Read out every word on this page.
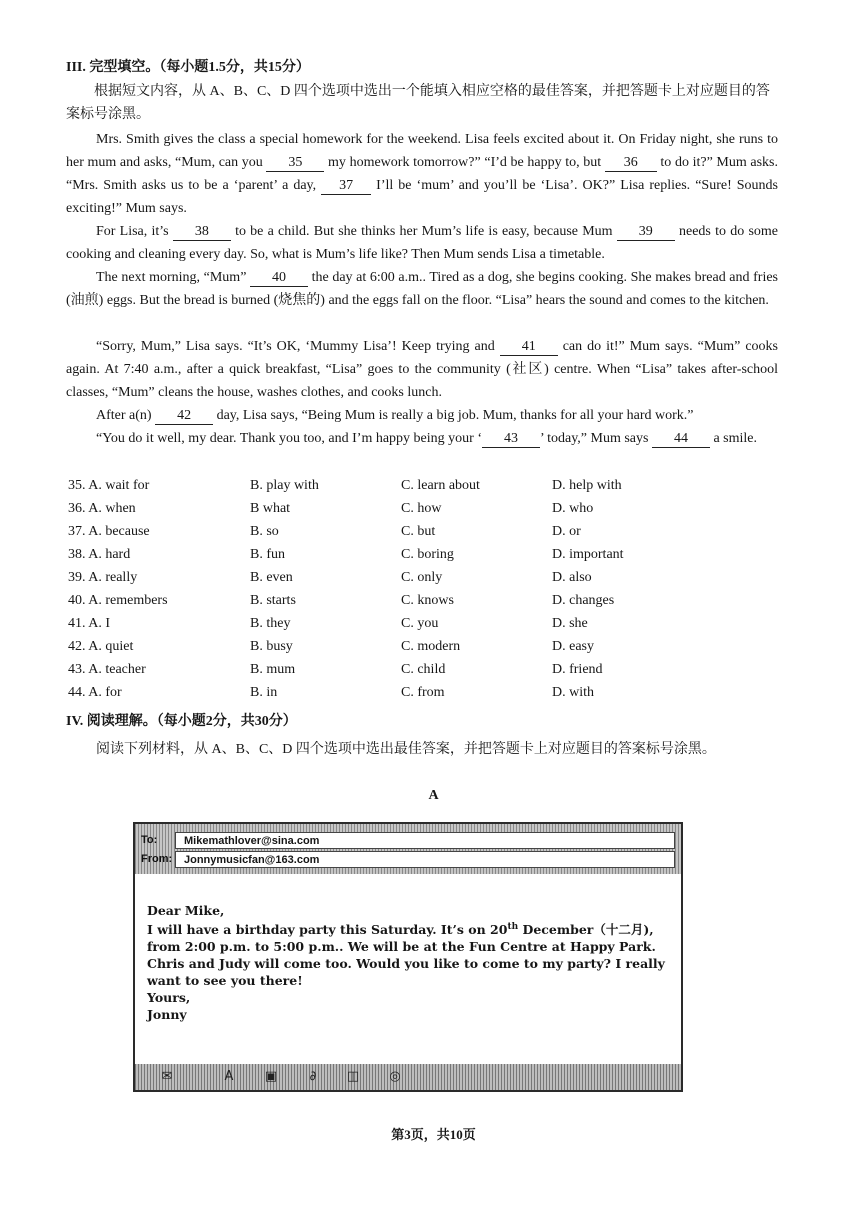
III. 完型填空。（每小题1.5分，共15分）
根据短文内容，从 A、B、C、D 四个选项中选出一个能填入相应空格的最佳答案，并把答题卡上对应题目的答案标号涂黑。
Mrs. Smith gives the class a special homework for the weekend. Lisa feels excited about it. On Friday night, she runs to her mum and asks, “Mum, can you 35 my homework tomorrow?” “I’d be happy to, but 36 to do it?” Mum asks. “Mrs. Smith asks us to be a ‘parent’ a day, 37 I’ll be ‘mum’ and you’ll be ‘Lisa’. OK?” Lisa replies. “Sure! Sounds exciting!” Mum says.
For Lisa, it’s 38 to be a child. But she thinks her Mum’s life is easy, because Mum 39 needs to do some cooking and cleaning every day. So, what is Mum’s life like? Then Mum sends Lisa a timetable.
The next morning, “Mum” 40 the day at 6:00 a.m.. Tired as a dog, she begins cooking. She makes bread and fries (油煎) eggs. But the bread is burned (烧焦的) and the eggs fall on the floor. “Lisa” hears the sound and comes to the kitchen.
“Sorry, Mum,” Lisa says. “It’s OK, ‘Mummy Lisa’! Keep trying and 41 can do it!” Mum says. “Mum” cooks again. At 7:40 a.m., after a quick breakfast, “Lisa” goes to the community (社区) centre. When “Lisa” takes after-school classes, “Mum” cleans the house, washes clothes, and cooks lunch.
After a(n) 42 day, Lisa says, “Being Mum is really a big job. Mum, thanks for all your hard work.”
“You do it well, my dear. Thank you too, and I’m happy being your ‘ 43 ’ today,” Mum says 44 a smile.
35. A. wait for	B. play with	C. learn about	D. help with
36. A. when	B what	C. how	D. who
37. A. because	B. so	C. but	D. or
38. A. hard	B. fun	C. boring	D. important
39. A. really	B. even	C. only	D. also
40. A. remembers	B. starts	C. knows	D. changes
41. A. I	B. they	C. you	D. she
42. A. quiet	B. busy	C. modern	D. easy
43. A. teacher	B. mum	C. child	D. friend
44. A. for	B. in	C. from	D. with
IV. 阅读理解。（每小题2分，共30分）
阅读下列材料，从 A、B、C、D 四个选项中选出最佳答案，并把答题卡上对应题目的答案标号涂黑。
A
To:	Mikemathlover@sina.com
From:	Jonnymusicfan@163.com
Dear Mike,
I will have a birthday party this Saturday. It’s on 20th December（十二月),
from 2:00 p.m. to 5:00 p.m.. We will be at the Fun Centre at Happy Park.
Chris and Judy will come too. Would you like to come to my party? I really
want to see you there!
Yours,
Jonny
✉	A	▣	∂	◫	◎
第3页，共10页
